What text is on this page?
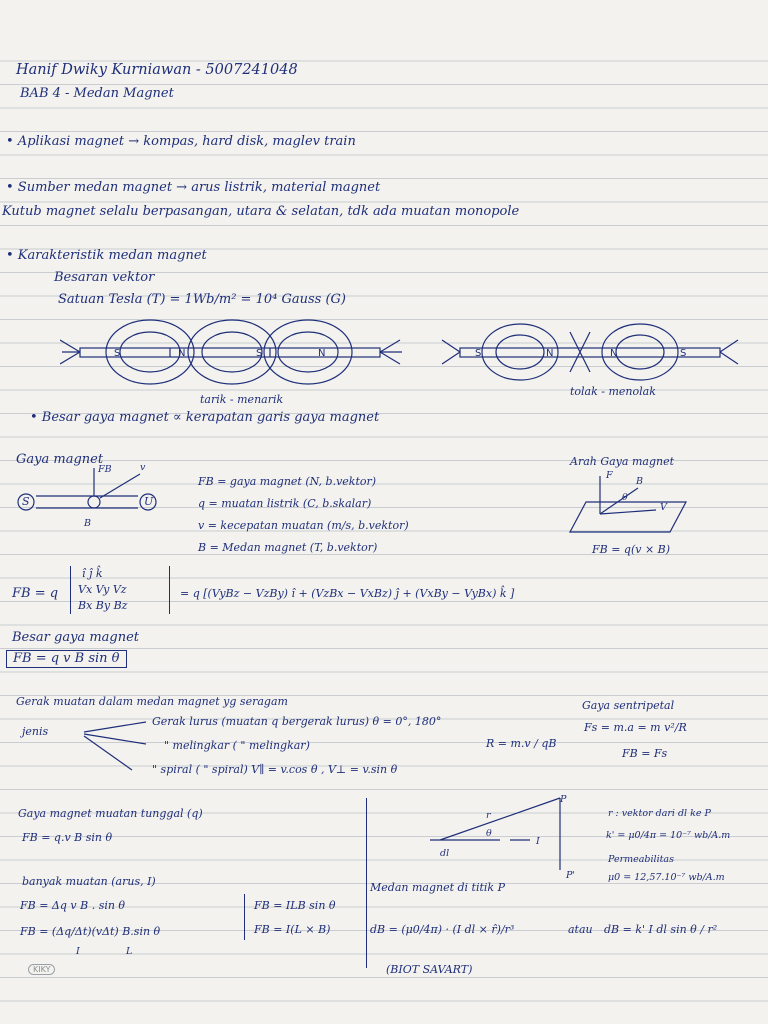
Hanif Dwiky Kurniawan - 5007241048
BAB 4 - Medan Magnet
• Aplikasi magnet → kompas, hard disk, maglev train
• Sumber medan magnet → arus listrik, material magnet
Kutub magnet selalu berpasangan, utara & selatan, tdk ada muatan monopole
• Karakteristik medan magnet
Besaran vektor
Satuan Tesla (T) = 1Wb/m² = 10⁴ Gauss (G)
S	N	S	N	S	N	N	S
tarik - menarik
tolak - menolak
• Besar gaya magnet ∝ kerapatan garis gaya magnet
Gaya magnet
S	U
FB	v
B
FB = gaya magnet (N, b.vektor)
q = muatan listrik (C, b.skalar)
v = kecepatan muatan (m/s, b.vektor)
B = Medan magnet (T, b.vektor)
Arah Gaya magnet
F
B
V
θ
FB = q(v × B)
FB = q
î ĵ k̂
Vx Vy Vz
Bx By Bz
= q [(VyBz − VzBy) î + (VzBx − VxBz) ĵ + (VxBy − VyBx) k̂ ]
Besar gaya magnet
FB = q v B sin θ
Gerak muatan dalam medan magnet yg seragam
jenis
Gerak lurus (muatan q bergerak lurus) θ = 0°, 180°
" melingkar ( " melingkar)	R = m.v / qB
" spiral ( " spiral) V∥ = v.cos θ , V⊥ = v.sin θ
Gaya sentripetal
Fs = m.a = m v²/R
FB = Fs
Gaya magnet muatan tunggal (q)
FB = q.v B sin θ
banyak muatan (arus, I)
FB = Δq v B . sin θ
FB = (Δq/Δt)(vΔt) B.sin θ
I	L
FB = ILB sin θ
FB = I(L × B)
P
P'
r
θ
I
dl
r : vektor dari dl ke P
k' = μ0/4π = 10⁻⁷ wb/A.m
Permeabilitas
μ0 = 12,57.10⁻⁷ wb/A.m
Medan magnet di titik P
dB = (μ0/4π) · (I dl × r̂)/r³	atau dB = k' I dl sin θ / r²
(BIOT SAVART)
KIKY
